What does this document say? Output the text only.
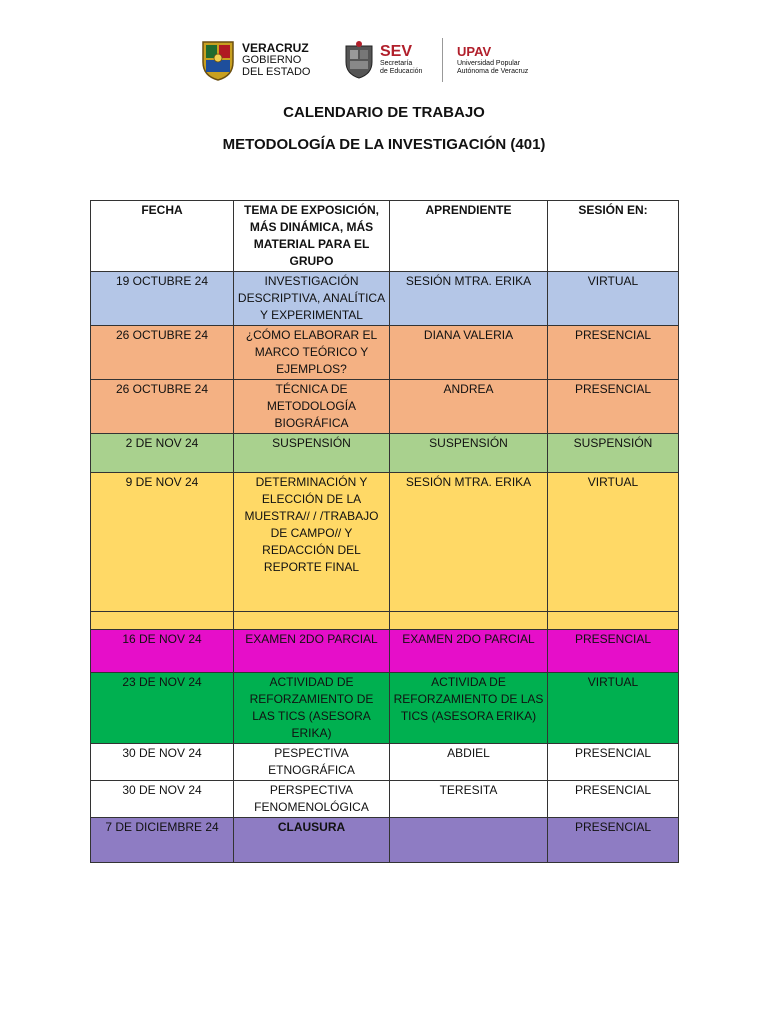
VERACRUZ
GOBIERNO
DEL ESTADO
SEV
Secretaría
de Educación
UPAV
Universidad Popular
Autónoma de Veracruz
CALENDARIO DE TRABAJO
METODOLOGÍA DE LA INVESTIGACIÓN (401)
FECHA	TEMA DE EXPOSICIÓN, MÁS DINÁMICA, MÁS MATERIAL PARA EL GRUPO	APRENDIENTE	SESIÓN EN:
19 OCTUBRE 24	INVESTIGACIÓN DESCRIPTIVA, ANALÍTICA Y EXPERIMENTAL	SESIÓN MTRA. ERIKA	VIRTUAL
26 OCTUBRE 24	¿CÓMO ELABORAR EL MARCO TEÓRICO Y EJEMPLOS?	DIANA VALERIA	PRESENCIAL
26 OCTUBRE 24	TÉCNICA DE METODOLOGÍA BIOGRÁFICA	ANDREA	PRESENCIAL
2 DE NOV 24	SUSPENSIÓN	SUSPENSIÓN	SUSPENSIÓN
9 DE NOV 24	DETERMINACIÓN Y ELECCIÓN DE LA MUESTRA// / /TRABAJO DE CAMPO// Y REDACCIÓN DEL REPORTE FINAL	SESIÓN MTRA. ERIKA	VIRTUAL

16 DE NOV 24	EXAMEN 2DO PARCIAL	EXAMEN 2DO PARCIAL	PRESENCIAL
23 DE NOV 24	ACTIVIDAD DE REFORZAMIENTO DE LAS TICS (ASESORA ERIKA)	ACTIVIDA DE REFORZAMIENTO DE LAS TICS (ASESORA ERIKA)	VIRTUAL
30 DE NOV 24	PESPECTIVA ETNOGRÁFICA	ABDIEL	PRESENCIAL
30 DE NOV 24	PERSPECTIVA FENOMENOLÓGICA	TERESITA	PRESENCIAL
7 DE DICIEMBRE 24	CLAUSURA		PRESENCIAL
